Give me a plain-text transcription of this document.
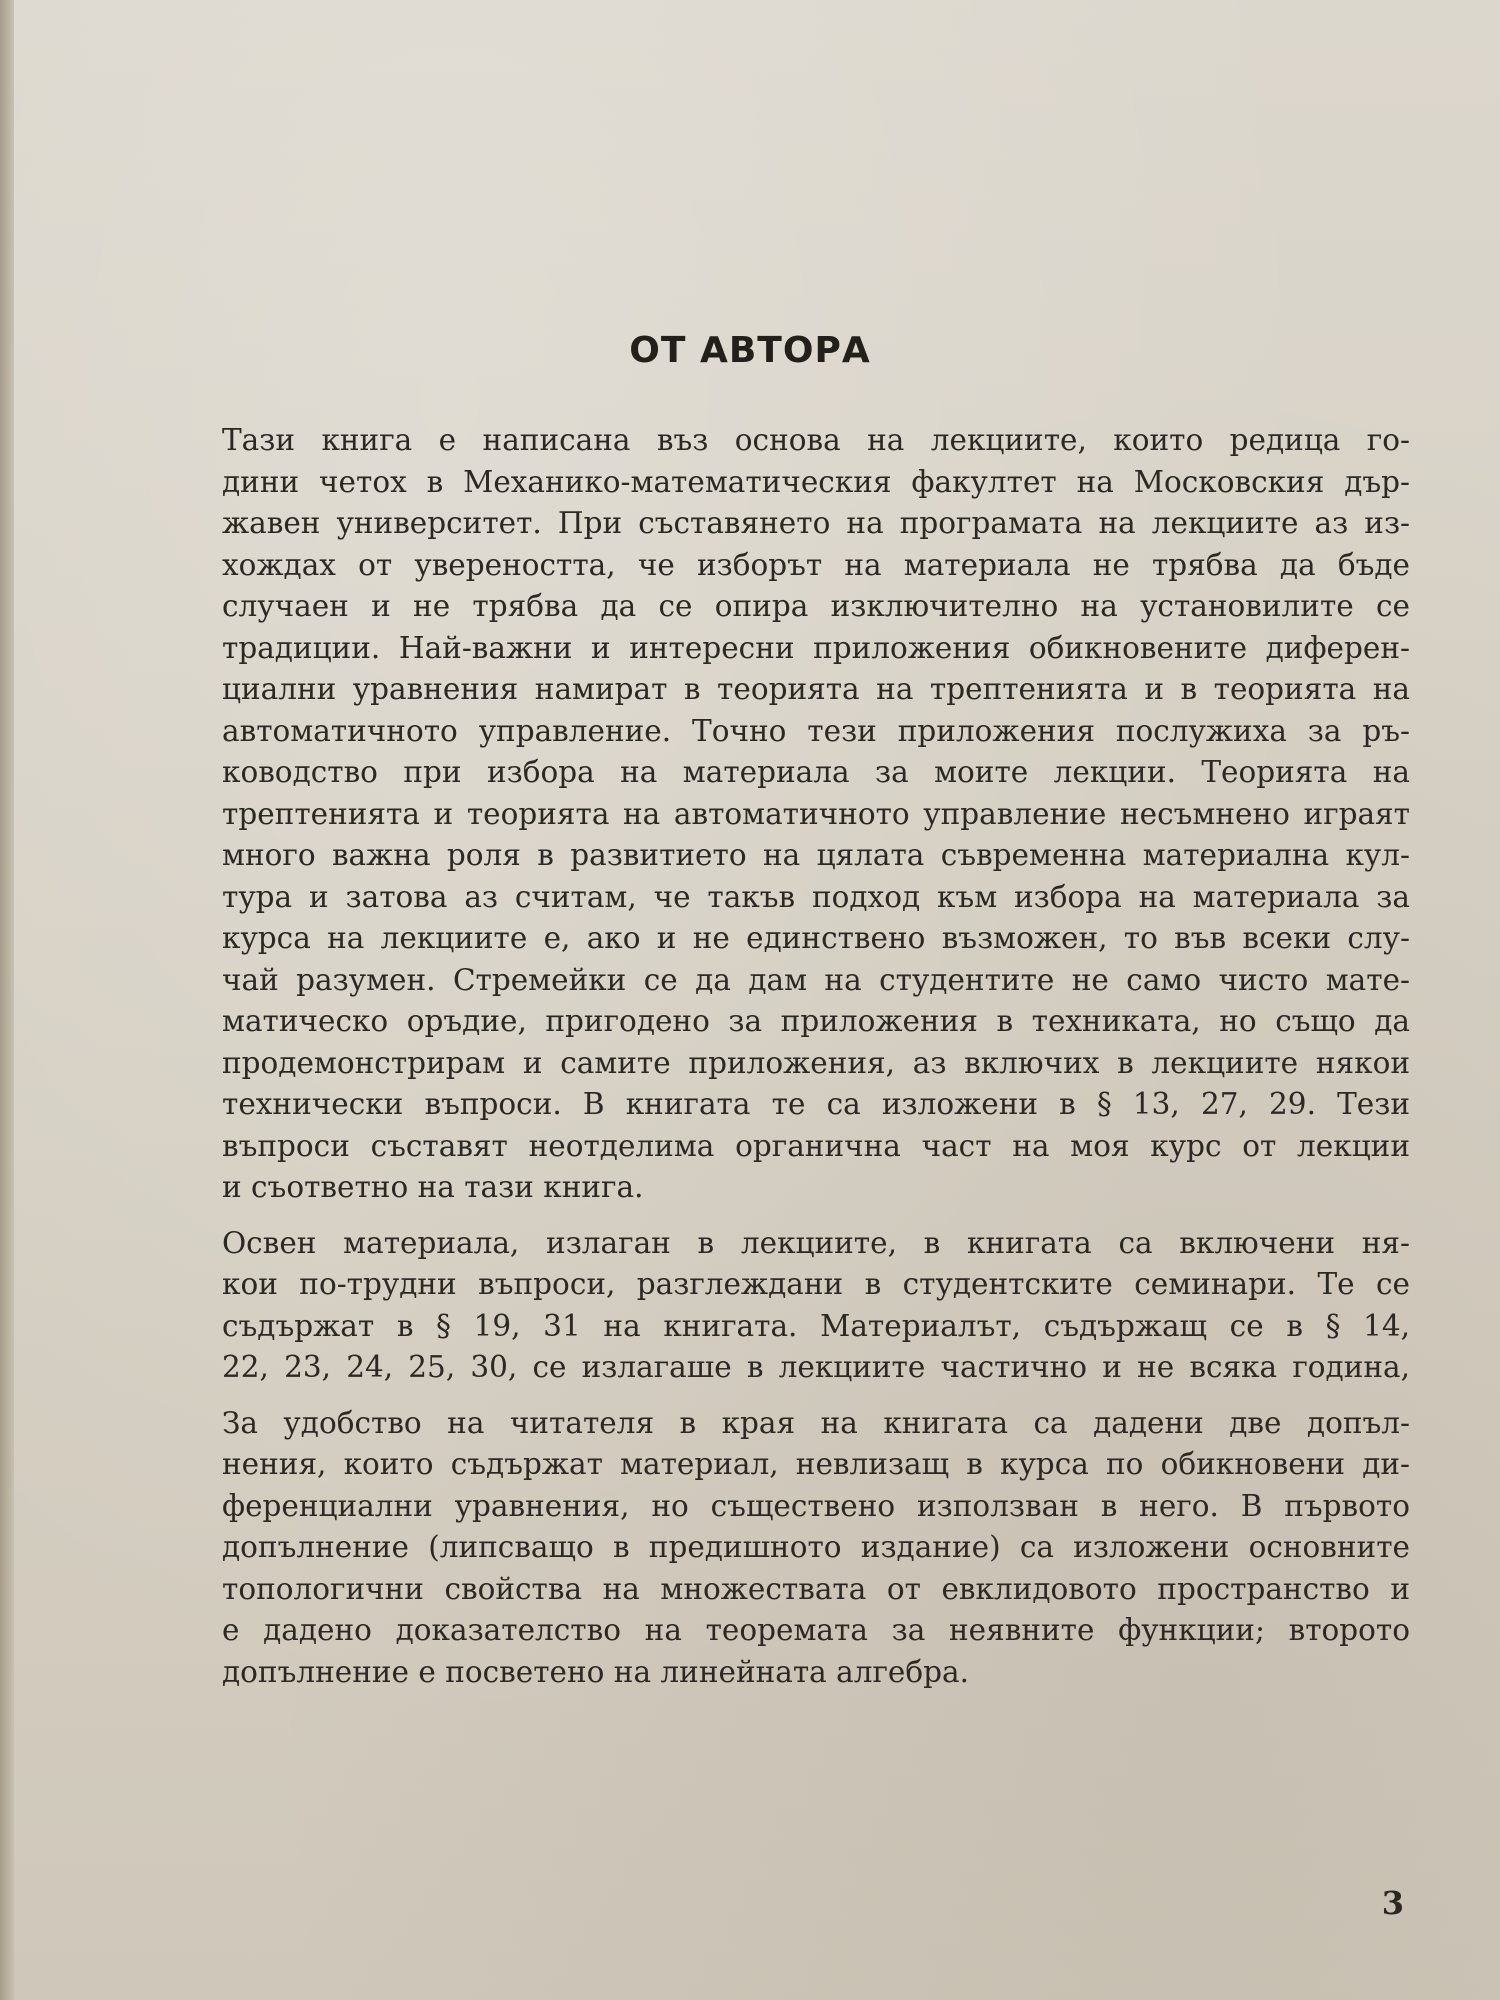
ОТ АВТОРА

Тази книга е написана въз основа на лекциите, които редица го-
дини четох в Механико-математическия факултет на Московския дър-
жавен университет. При съставянето на програмата на лекциите аз из-
хождах от увереността, че изборът на материала не трябва да бъде
случаен и не трябва да се опира изключително на установилите се
традиции. Най-важни и интересни приложения обикновените диферен-
циални уравнения намират в теорията на трептенията и в теорията на
автоматичното управление. Точно тези приложения послужиха за ръ-
ководство при избора на материала за моите лекции. Теорията на
трептенията и теорията на автоматичното управление несъмнено играят
много важна роля в развитието на цялата съвременна материална кул-
тура и затова аз считам, че такъв подход към избора на материала за
курса на лекциите е, ако и не единствено възможен, то във всеки слу-
чай разумен. Стремейки се да дам на студентите не само чисто мате-
матическо оръдие, пригодено за приложения в техниката, но също да
продемонстрирам и самите приложения, аз включих в лекциите някои
технически въпроси. В книгата те са изложени в § 13, 27, 29. Тези
въпроси съставят неотделима органична част на моя курс от лекции
и съответно на тази книга.

Освен материала, излаган в лекциите, в книгата са включени ня-
кои по-трудни въпроси, разглеждани в студентските семинари. Те се
съдържат в § 19, 31 на книгата. Материалът, съдържащ се в § 14,
22, 23, 24, 25, 30, се излагаше в лекциите частично и не всяка година,

За удобство на читателя в края на книгата са дадени две допъл-
нения, които съдържат материал, невлизащ в курса по обикновени ди-
ференциални уравнения, но съществено използван в него. В първото
допълнение (липсващо в предишното издание) са изложени основните
топологични свойства на множествата от евклидовото пространство и
е дадено доказателство на теоремата за неявните функции; второто
допълнение е посветено на линейната алгебра.

3
